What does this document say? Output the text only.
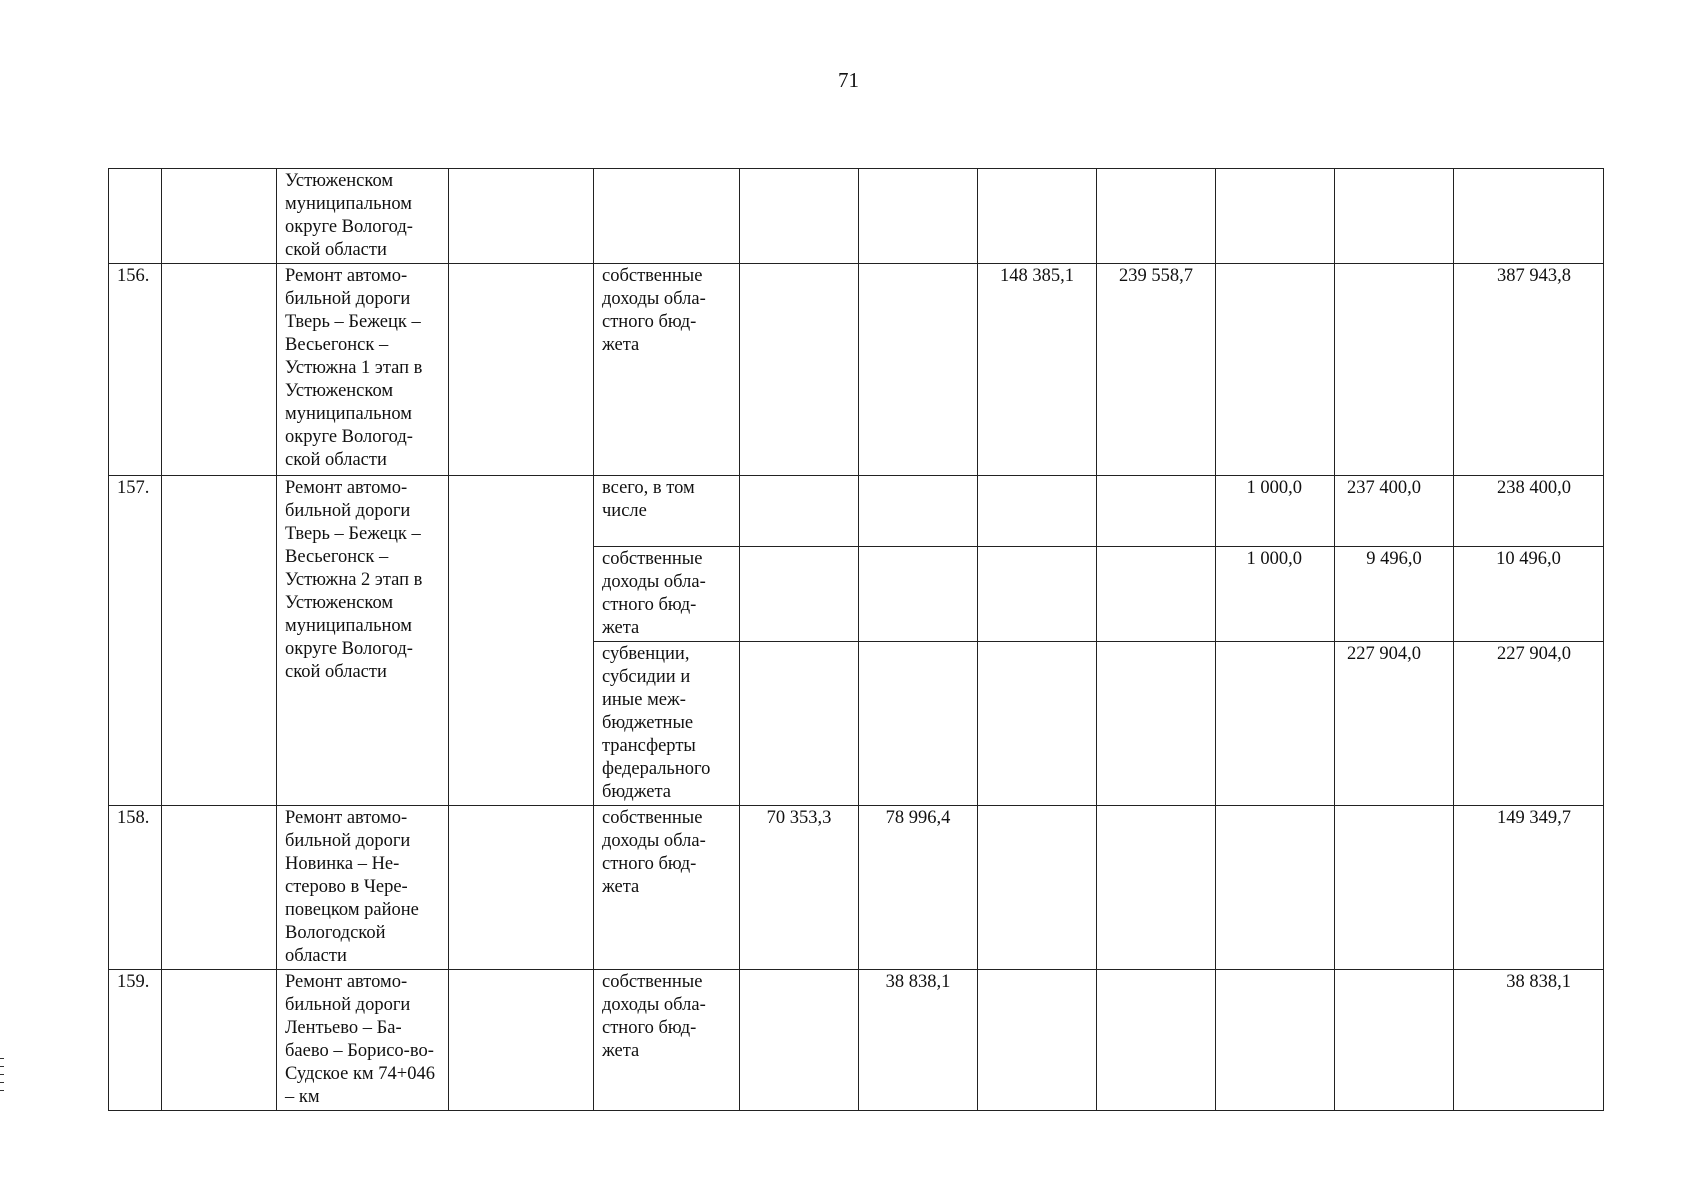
71
		Устюженском муниципальном округе Вологод-ской области									
156.		Ремонт автомо-бильной дороги Тверь – Бежецк – Весьегонск – Устюжна 1 этап в Устюженском муниципальном округе Вологод-ской области		собственные доходы обла-стного бюд-жета			148 385,1	239 558,7			387 943,8
157.		Ремонт автомо-бильной дороги Тверь – Бежецк – Весьегонск – Устюжна 2 этап в Устюженском муниципальном округе Вологод-ской области		всего, в том числе					1 000,0	237 400,0	238 400,0
				собственные доходы обла-стного бюд-жета					1 000,0	9 496,0	10 496,0
				субвенции, субсидии и иные меж-бюджетные трансферты федерального бюджета						227 904,0	227 904,0
158.		Ремонт автомо-бильной дороги Новинка – Не-стерово в Чере-повецком районе Вологодской области		собственные доходы обла-стного бюд-жета	70 353,3	78 996,4					149 349,7
159.		Ремонт автомо-бильной дороги Лентьево – Ба-баево – Борисо-во-Судское км 74+046 – км		собственные доходы обла-стного бюд-жета		38 838,1					38 838,1
